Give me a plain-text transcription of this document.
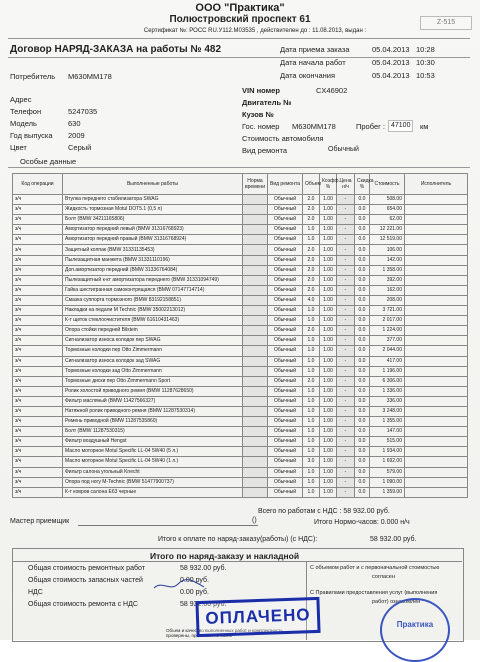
ООО "Практика"
Полюстровский проспект 61
Сертификат №: РОСС RU.У112.М03535 , действителен до : 11.08.2013, выдан :
Z-515
Договор НАРЯД-ЗАКАЗА на работы № 482
Потребитель М630ММ178
Адрес
Телефон	5247035
Модель	630
Год выпуска 2009
Цвет	Серый
Дата приема заказа	05.04.2013 10:28
Дата начала работ	05.04.2013 10:30
Дата окончания	05.04.2013 10:53
VIN номер	CX46902
Двигатель №
Кузов №
Гос. номер М630ММ178	Пробег : 47100	км
Стоимость автомобиля
Вид ремонта	Обычный
Особые данные
Код операции	Выполненные работы	Норма времени	Вид ремонта	Объем	Коэфф. %	Цена н/ч	Скидка %	Стоимость	Исполнитель
з/ч	Втулка переднего стабилизатора SWAG		Обычный	2.0	1.00	-	0.0	508.00	
з/ч	Жидкость тормозная Motul DOT5.1 (0,5 л)		Обычный	2.0	1.00	-	0.0	654.00	
з/ч	Болт (BMW 34211165806)		Обычный	2.0	1.00	-	0.0	62.00	
з/ч	Амортизатор передний левый (BMW 31316768923)		Обычный	1.0	1.00	-	0.0	12 221.00	
з/ч	Амортизатор передний правый (BMW 31316768924)		Обычный	1.0	1.00	-	0.0	12 519.00	
з/ч	Защитный колпак (BMW 31331135453)		Обычный	2.0	1.00	-	0.0	106.00	
з/ч	Пылезащитная манжета (BMW 31331110196)		Обычный	2.0	1.00	-	0.0	142.00	
з/ч	Доп.амортизатор передний (BMW 31336764084)		Обычный	2.0	1.00	-	0.0	1 358.00	
з/ч	Пылезащитный к-кт амортизатора переднего (BMW 31331094749)		Обычный	2.0	1.00	-	0.0	392.00	
з/ч	Гайка шестигранная самоконтрящаяся (BMW 07147714714)		Обычный	2.0	1.00	-	0.0	162.00	
з/ч	Смазка суппорта тормозного (BMW 83192158851)		Обычный	4.0	1.00	-	0.0	208.00	
з/ч	Накладки на педали M Technic (BMW 35002213012)		Обычный	1.0	1.00	-	0.0	3 721.00	
з/ч	К-т щеток стеклоочистителя (BMW 61610431463)		Обычный	1.0	1.00	-	0.0	2 017.00	
з/ч	Опора стойки передней Bilstein		Обычный	2.0	1.00	-	0.0	1 224.00	
з/ч	Сигнализатор износа колодок пер SWAG		Обычный	1.0	1.00	-	0.0	377.00	
з/ч	Тормозные колодки пер Otto Zimmermann		Обычный	1.0	1.00	-	0.0	2 044.00	
з/ч	Сигнализатор износа колодок зад SWAG		Обычный	1.0	1.00	-	0.0	417.00	
з/ч	Тормозные колодки зад Otto Zimmermann		Обычный	1.0	1.00	-	0.0	1 196.00	
з/ч	Тормозные диски пер Otto Zimmermann Sport		Обычный	2.0	1.00	-	0.0	6 306.00	
з/ч	Ролик холостой приводного ремня (BMW 11287628650)		Обычный	1.0	1.00	-	0.0	1 336.00	
з/ч	Фильтр масляный (BMW 11427566327)		Обычный	1.0	1.00	-	0.0	336.00	
з/ч	Натяжной ролик приводного ремня (BMW 11287530314)		Обычный	1.0	1.00	-	0.0	3 248.00	
з/ч	Ремень приводной (BMW 11287535860)		Обычный	1.0	1.00	-	0.0	1 355.00	
з/ч	Болт (BMW 11287530315)		Обычный	1.0	1.00	-	0.0	147.00	
з/ч	Фильтр воздушный Hengst		Обычный	1.0	1.00	-	0.0	515.00	
з/ч	Масло моторное Motul Specific LL-04 5W40 (5 л.)		Обычный	1.0	1.00	-	0.0	1 934.00	
з/ч	Масло моторное Motul Specific LL-04 5W40 (1 л.)		Обычный	3.0	1.00	-	0.0	1 692.00	
з/ч	Фильтр салона угольный Knecht		Обычный	1.0	1.00	-	0.0	579.00	
з/ч	Опора под ногу M-Technic (BMW 51477900737)		Обычный	1.0	1.00	-	0.0	1 090.00	
з/ч	К-т ковров салона E63 черные		Обычный	1.0	1.00	-	0.0	1 359.00	
Всего по работам с НДС : 58 932.00 руб.
Мастер приемщик	()	Итого Нормо-часов: 0.000 н/ч
Итого к оплате по наряд-заказу(работы) (с НДС):	58 932.00 руб.
Итого по наряд-заказу и накладной
Общая стоимость ремонтных работ	58 932.00 руб.
Общая стоимость запасных частей	0.00 руб.
НДС	0.00 руб.
Общая стоимость ремонта с НДС	58 932.00 руб.
С объемом работ и с первоначальной стоимостью
согласен
С Правилами предоставления услуг (выполнения
работ) ознакомлен
Объем и качество выполненных работ и комплектность проверены, претензий не имею
ОПЛАЧЕНО	Практика
